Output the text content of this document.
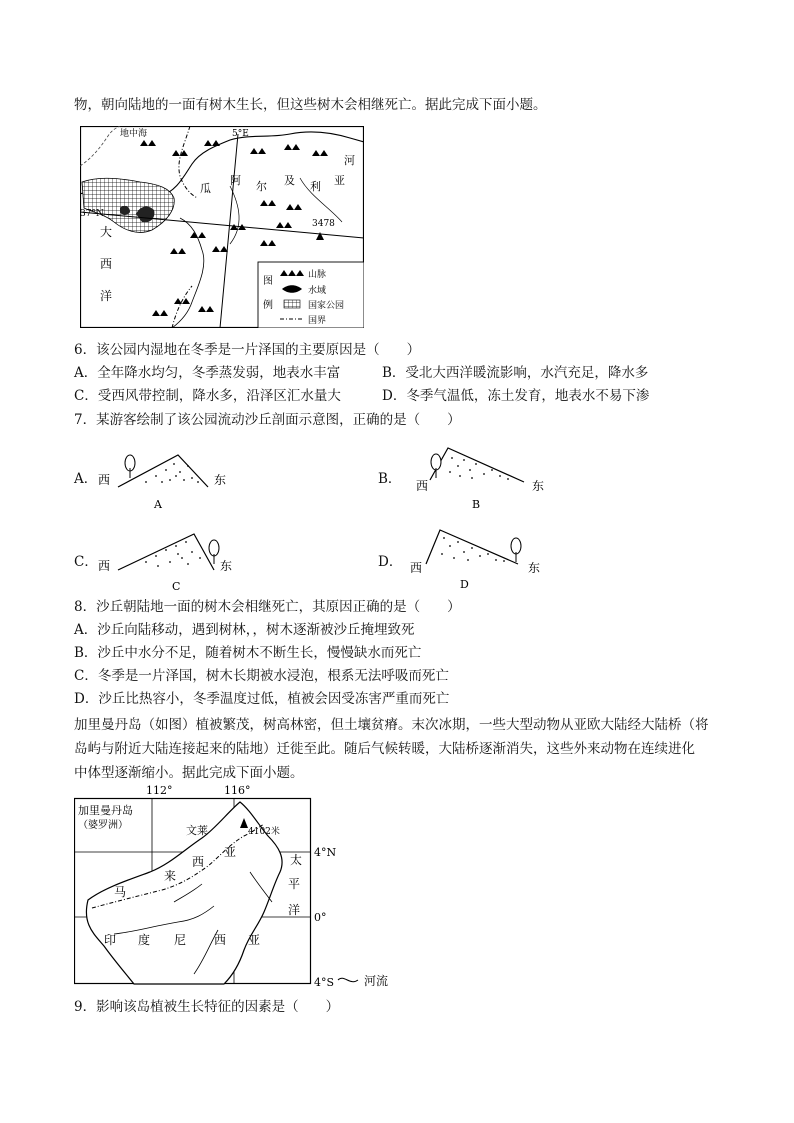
物，朝向陆地的一面有树木生长，但这些树木会相继死亡。据此完成下面小题。
5°E
37°N
地中海
大
西
洋
瓜
阿 尔 及 利 亚
河
3478
图
例
山脉
水域
国家公园
国界
6．该公园内湿地在冬季是一片泽国的主要原因是（　　）
A．全年降水均匀，冬季蒸发弱，地表水丰富	B．受北大西洋暖流影响，水汽充足，降水多
C．受西风带控制，降水多，沿泽区汇水量大	D．冬季气温低，冻土发育，地表水不易下渗
7．某游客绘制了该公园流动沙丘剖面示意图，正确的是（　　）
A． 西	东
A
B． 西	东
B
C． 西	东
C
D． 西	东
D
8．沙丘朝陆地一面的树木会相继死亡，其原因正确的是（　　）
A．沙丘向陆移动，遇到树林，，树木逐渐被沙丘掩埋致死
B．沙丘中水分不足，随着树木不断生长，慢慢缺水而死亡
C．冬季是一片泽国，树木长期被水浸泡，根系无法呼吸而死亡
D．沙丘比热容小，冬季温度过低，植被会因受冻害严重而死亡
加里曼丹岛（如图）植被繁茂，树高林密，但土壤贫瘠。末次冰期，一些大型动物从亚欧大陆经大陆桥（将
岛屿与附近大陆连接起来的陆地）迁徙至此。随后气候转暖，大陆桥逐渐消失，这些外来动物在连续进化
中体型逐渐缩小。据此完成下面小题。
112°	116°
加里曼丹岛
（婆罗洲）	文莱	4102米
马
来
西
亚
印 度 尼 西 亚
太
平
洋
4°N
0°
4°S 河流
9．影响该岛植被生长特征的因素是（　　）
